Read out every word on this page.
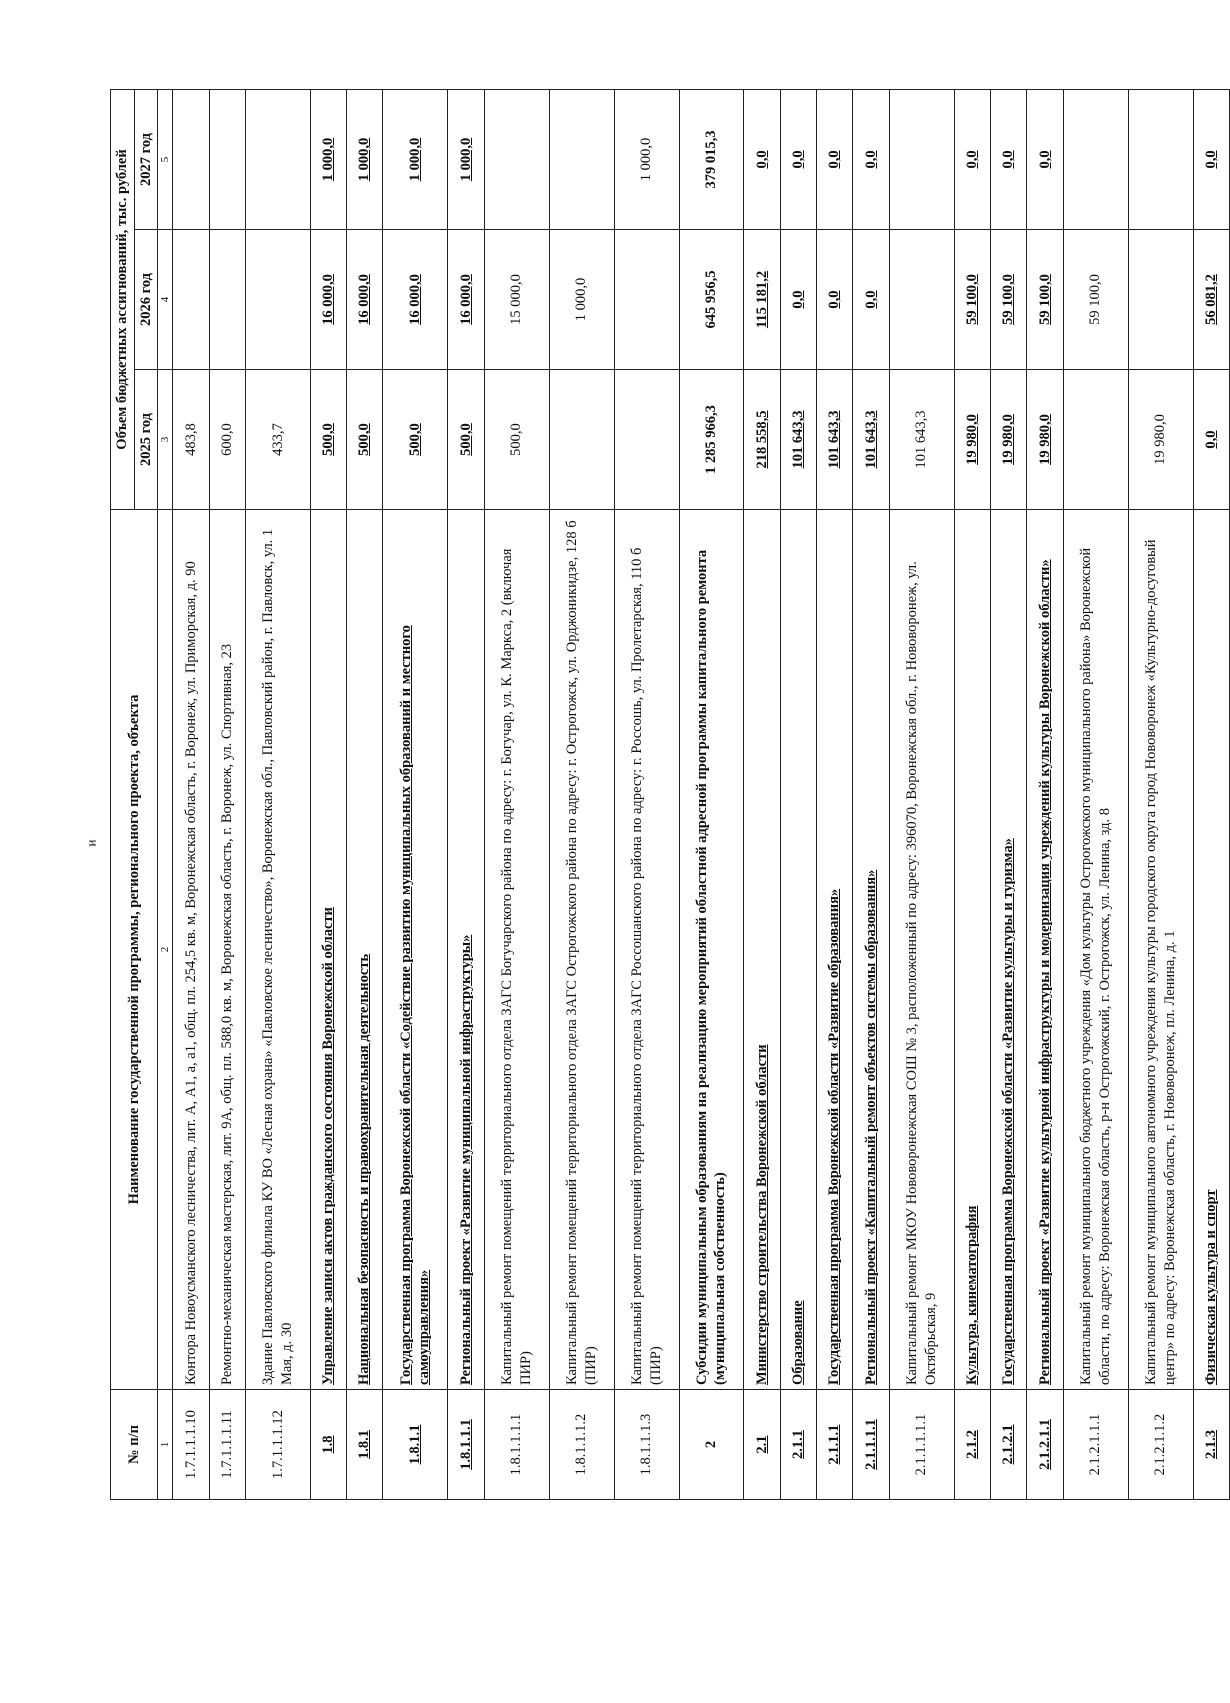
и
№ п/п	Наименование государственной программы, регионального проекта, объекта	Объем бюджетных ассигнований, тыс. рублей		
		2025 год	2026 год	2027 год
1	2	3	4	5
1.7.1.1.1.10	Контора Новоусманского лесничества, лит. А, А1, а, а1, общ. пл. 254,5 кв. м, Воронежская область, г. Воронеж, ул. Приморская, д. 90	483,8		
1.7.1.1.1.11	Ремонтно-механическая мастерская, лит. 9А, общ. пл. 588,0 кв. м, Воронежская область, г. Воронеж, ул. Спортивная, 23	600,0		
1.7.1.1.1.12	Здание Павловского филиала КУ ВО «Лесная охрана» «Павловское лесничество», Воронежская обл., Павловский район, г. Павловск, ул. 1 Мая, д. 30	433,7		
1.8	Управление записи актов гражданского состояния Воронежской области	500,0	16 000,0	1 000,0
1.8.1	Национальная безопасность и правоохранительная деятельность	500,0	16 000,0	1 000,0
1.8.1.1	Государственная программа Воронежской области «Содействие развитию муниципальных образований и местного самоуправления»	500,0	16 000,0	1 000,0
1.8.1.1.1	Региональный проект «Развитие муниципальной инфраструктуры»	500,0	16 000,0	1 000,0
1.8.1.1.1.1	Капитальный ремонт помещений территориального отдела ЗАГС Богучарского района по адресу: г. Богучар, ул. К. Маркса, 2 (включая ПИР)	500,0	15 000,0	
1.8.1.1.1.2	Капитальный ремонт помещений территориального отдела ЗАГС Острогожского района по адресу: г. Острогожск, ул. Орджоникидзе, 128 б (ПИР)		1 000,0	
1.8.1.1.1.3	Капитальный ремонт помещений территориального отдела ЗАГС Россошанского района по адресу: г. Россошь, ул. Пролетарская, 110 б (ПИР)			1 000,0
2	Субсидии муниципальным образованиям на реализацию мероприятий областной адресной программы капитального ремонта (муниципальная собственность)	1 285 966,3	645 956,5	379 015,3
2.1	Министерство строительства Воронежской области	218 558,5	115 181,2	0,0
2.1.1	Образование	101 643,3	0,0	0,0
2.1.1.1	Государственная программа Воронежской области «Развитие образования»	101 643,3	0,0	0,0
2.1.1.1.1	Региональный проект «Капитальный ремонт объектов системы образования»	101 643,3	0,0	0,0
2.1.1.1.1.1	Капитальный ремонт МКОУ Нововоронежская СОШ № 3, расположенный по адресу: 396070, Воронежская обл., г. Нововоронеж, ул. Октябрьская, 9	101 643,3		
2.1.2	Культура, кинематография	19 980,0	59 100,0	0,0
2.1.2.1	Государственная программа Воронежской области «Развитие культуры и туризма»	19 980,0	59 100,0	0,0
2.1.2.1.1	Региональный проект «Развитие культурной инфраструктуры и модернизация учреждений культуры Воронежской области»	19 980,0	59 100,0	0,0
2.1.2.1.1.1	Капитальный ремонт муниципального бюджетного учреждения «Дом культуры Острогожского муниципального района» Воронежской области, по адресу: Воронежская область, р-н Острогожский, г. Острогожск, ул. Ленина, зд. 8		59 100,0	
2.1.2.1.1.2	Капитальный ремонт муниципального автономного учреждения культуры городского округа город Нововоронеж «Культурно-досуговый центр» по адресу: Воронежская область, г. Нововоронеж, пл. Ленина, д. 1	19 980,0		
2.1.3	Физическая культура и спорт	0,0	56 081,2	0,0
